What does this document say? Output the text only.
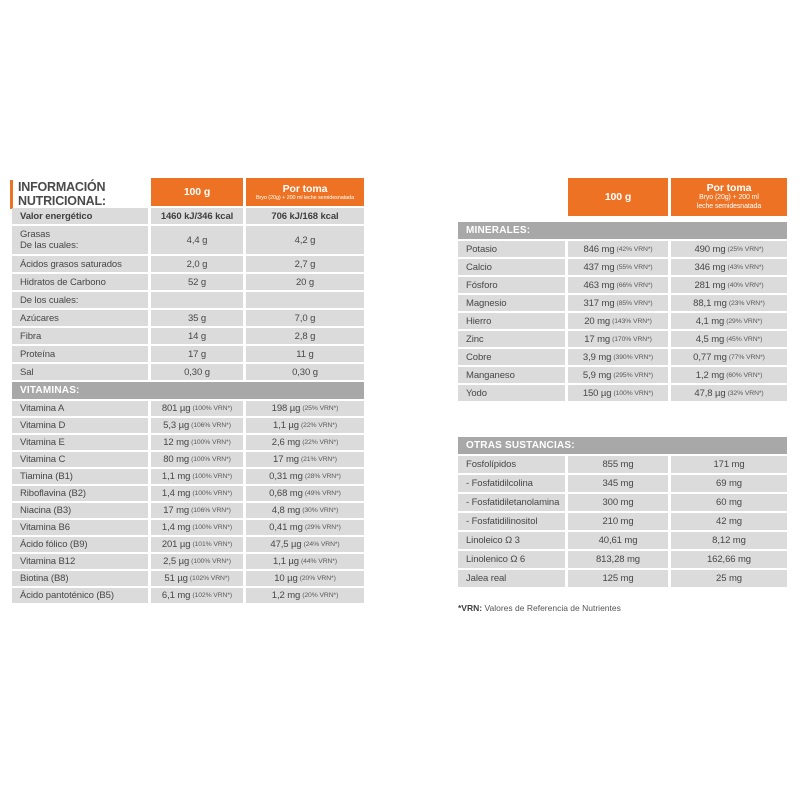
INFORMACIÓN
NUTRICIONAL:
100 g	Por toma
Bryo (20g) + 200 ml leche semidesnatada
Valor energético	1460 kJ/346 kcal	706 kJ/168 kcal
Grasas
De las cuales:	4,4 g	4,2 g
Ácidos grasos saturados	2,0 g	2,7 g
Hidratos de Carbono	52 g	20 g
De los cuales:
Azúcares	35 g	7,0 g
Fibra	14 g	2,8 g
Proteína	17 g	11 g
Sal	0,30 g	0,30 g
VITAMINAS:
Vitamina A	801 µg (100% VRN*)	198 µg (25% VRN*)
Vitamina D	5,3 µg (106% VRN*)	1,1 µg (22% VRN*)
Vitamina E	12 mg (100% VRN*)	2,6 mg (22% VRN*)
Vitamina C	80 mg (100% VRN*)	17 mg (21% VRN*)
Tiamina (B1)	1,1 mg (100% VRN*)	0,31 mg (28% VRN*)
Riboflavina (B2)	1,4 mg (100% VRN*)	0,68 mg (49% VRN*)
Niacina (B3)	17 mg (106% VRN*)	4,8 mg (30% VRN*)
Vitamina B6	1,4 mg (100% VRN*)	0,41 mg (29% VRN*)
Ácido fólico (B9)	201 µg (101% VRN*)	47,5 µg (24% VRN*)
Vitamina B12	2,5 µg (100% VRN*)	1,1 µg (44% VRN*)
Biotina (B8)	51 µg (102% VRN*)	10 µg (20% VRN*)
Ácido pantoténico (B5)	6,1 mg (102% VRN*)	1,2 mg (20% VRN*)
100 g
Por toma
Bryo (20g) + 200 ml
leche semidesnatada
MINERALES:
Potasio	846 mg (42% VRN*)	490 mg (25% VRN*)
Calcio	437 mg (55% VRN*)	346 mg (43% VRN*)
Fósforo	463 mg (66% VRN*)	281 mg (40% VRN*)
Magnesio	317 mg (85% VRN*)	88,1 mg (23% VRN*)
Hierro	20 mg (143% VRN*)	4,1 mg (29% VRN*)
Zinc	17 mg (170% VRN*)	4,5 mg (45% VRN*)
Cobre	3,9 mg (390% VRN*)	0,77 mg (77% VRN*)
Manganeso	5,9 mg (295% VRN*)	1,2 mg (60% VRN*)
Yodo	150 µg (100% VRN*)	47,8 µg (32% VRN*)
OTRAS SUSTANCIAS:
Fosfolípidos	855 mg	171 mg
- Fosfatidilcolina	345 mg	69 mg
- Fosfatidiletanolamina	300 mg	60 mg
- Fosfatidilinositol	210 mg	42 mg
Linoleico Ω 3	40,61 mg	8,12 mg
Linolenico Ω 6	813,28 mg	162,66 mg
Jalea real	125 mg	25 mg
*VRN: Valores de Referencia de Nutrientes
